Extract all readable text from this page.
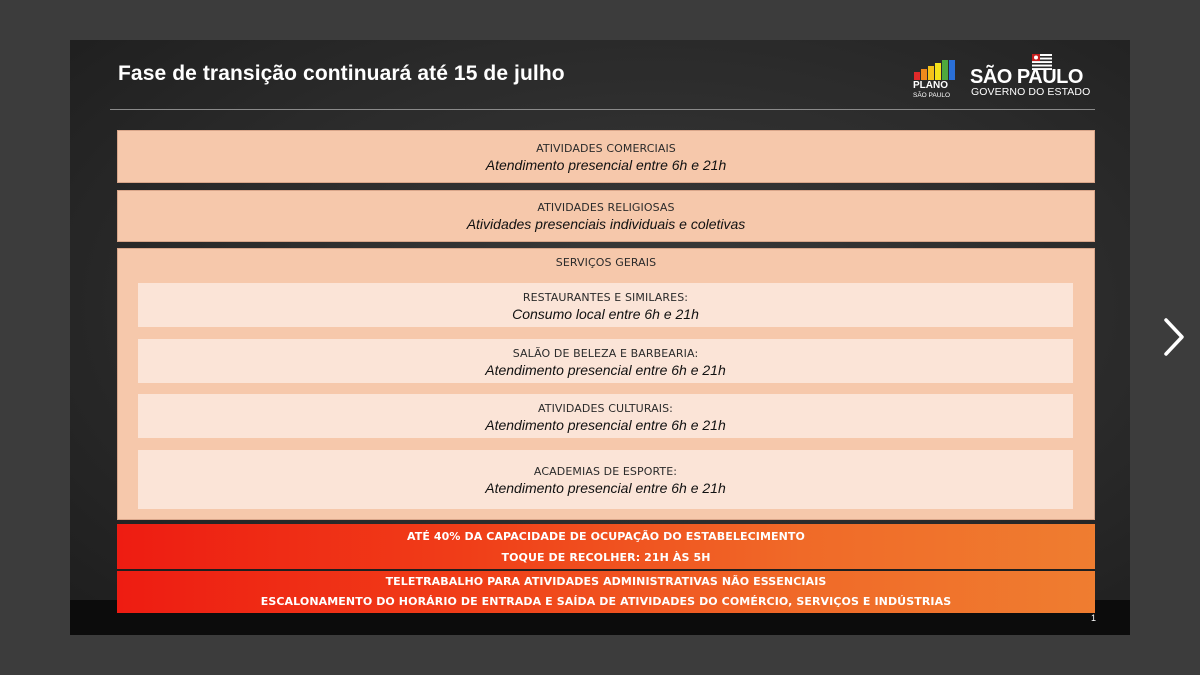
Fase de transição continuará até 15 de julho
PLANO
SÃO PAULO
SÃO PAULO
GOVERNO DO ESTADO
ATIVIDADES COMERCIAIS
Atendimento presencial entre 6h e 21h
ATIVIDADES RELIGIOSAS
Atividades presenciais individuais e coletivas
SERVIÇOS GERAIS
RESTAURANTES E SIMILARES:
Consumo local entre 6h e 21h
SALÃO DE BELEZA E BARBEARIA:
Atendimento presencial entre 6h e 21h
ATIVIDADES CULTURAIS:
Atendimento presencial entre 6h e 21h
ACADEMIAS DE ESPORTE:
Atendimento presencial entre 6h e 21h
ATÉ 40% DA CAPACIDADE DE OCUPAÇÃO DO ESTABELECIMENTO
TOQUE DE RECOLHER: 21H ÀS 5H
TELETRABALHO PARA ATIVIDADES ADMINISTRATIVAS NÃO ESSENCIAIS
ESCALONAMENTO DO HORÁRIO DE ENTRADA E SAÍDA DE ATIVIDADES DO COMÉRCIO, SERVIÇOS E INDÚSTRIAS
1
